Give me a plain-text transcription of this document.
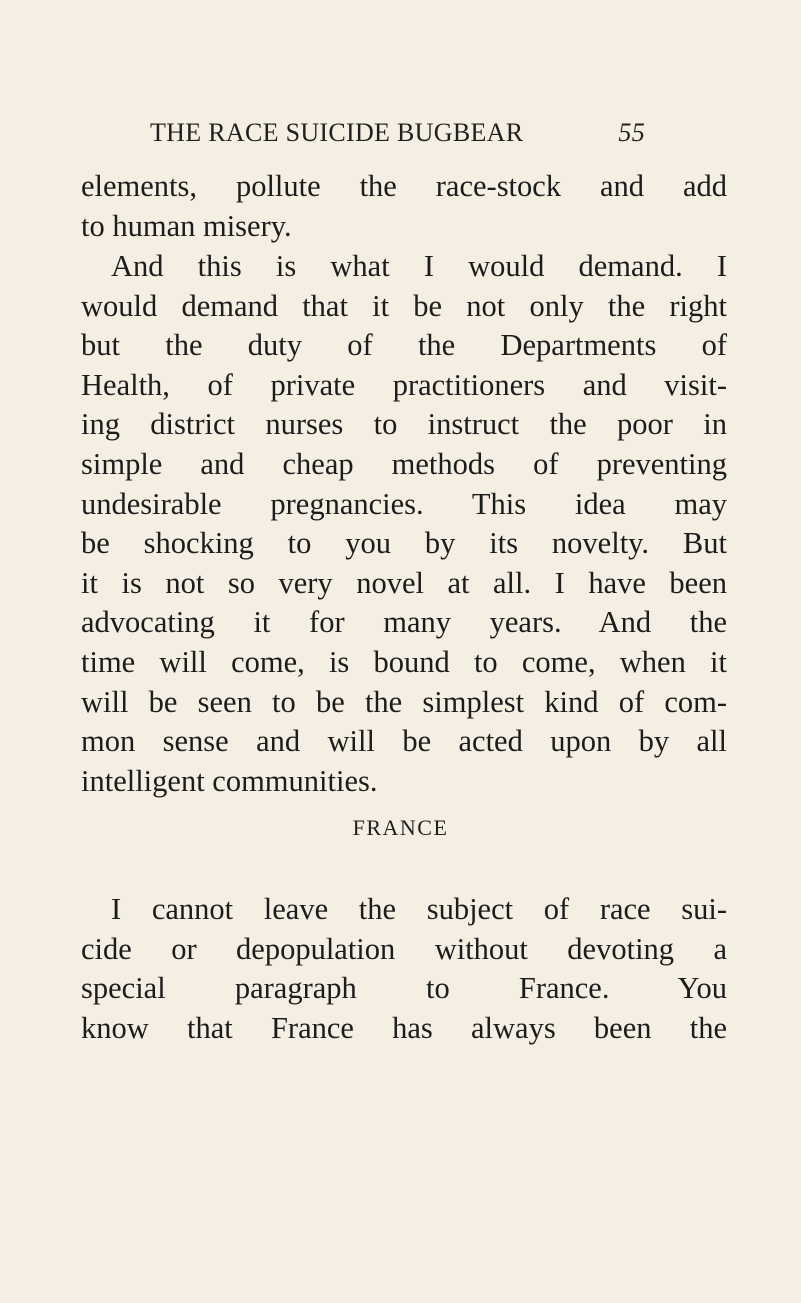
THE RACE SUICIDE BUGBEAR	55
elements, pollute the race-stock and add
to human misery.
And this is what I would demand. I
would demand that it be not only the right
but the duty of the Departments of
Health, of private practitioners and visit-
ing district nurses to instruct the poor in
simple and cheap methods of preventing
undesirable pregnancies. This idea may
be shocking to you by its novelty. But
it is not so very novel at all. I have been
advocating it for many years. And the
time will come, is bound to come, when it
will be seen to be the simplest kind of com-
mon sense and will be acted upon by all
intelligent communities.
FRANCE
I cannot leave the subject of race sui-
cide or depopulation without devoting a
special paragraph to France. You
know that France has always been the
